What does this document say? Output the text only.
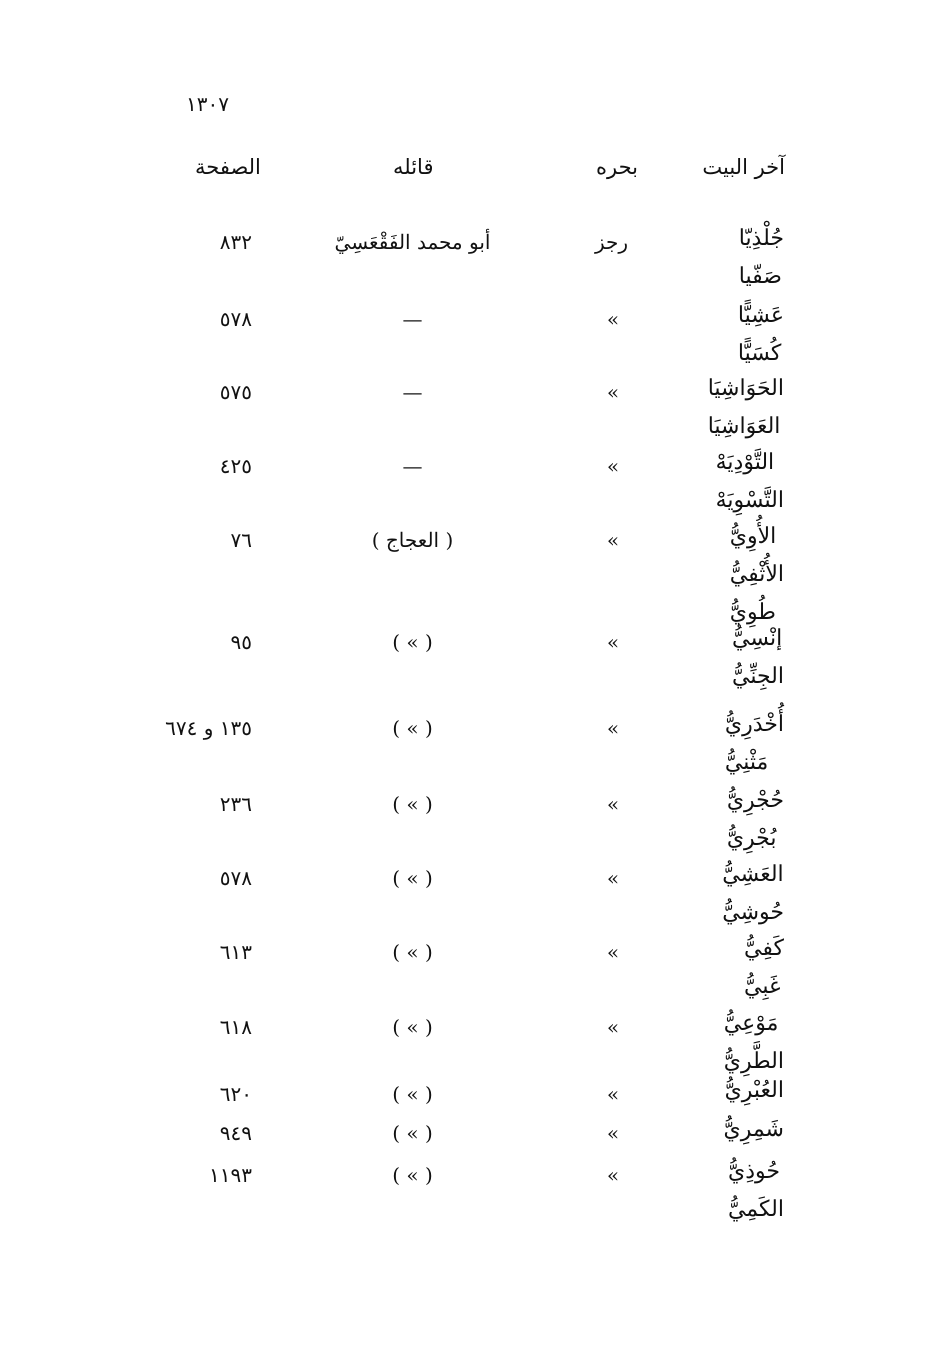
١٣٠٧
آخر البيت
بحره
قائله
الصفحة
جُلْذِيّا
صَفّيا
رجز
أبو محمد الفَقْعَسِيّ
٨٣٢
عَشِيًّا
كُسَيًّا
»
—
٥٧٨
الحَوَاشِيَا
العَوَاشِيَا
»
—
٥٧٥
التَّوْدِيَهْ
التَّسْوِيَهْ
»
—
٤٢٥
الأُوِيُّ
الأُثْفِيُّ
طُوِيُّ
»
( العجاج )
٧٦
إنْسِيُّ
الجِنِّيُّ
»
( » )
٩٥
أُخْدَرِيُّ
مَثْنِيُّ
»
( » )
١٣٥ و ٦٧٤
حُجْرِيُّ
بُجْرِيُّ
»
( » )
٢٣٦
العَشِيُّ
حُوشِيُّ
»
( » )
٥٧٨
كَفِيُّ
غَبِيُّ
»
( » )
٦١٣
مَوْعِيُّ
الطَّرِيُّ
»
( » )
٦١٨
العُبْرِيُّ
»
( » )
٦٢٠
شَمِرِيُّ
»
( » )
٩٤٩
حُوذِيُّ
الكَمِيُّ
»
( » )
١١٩٣
